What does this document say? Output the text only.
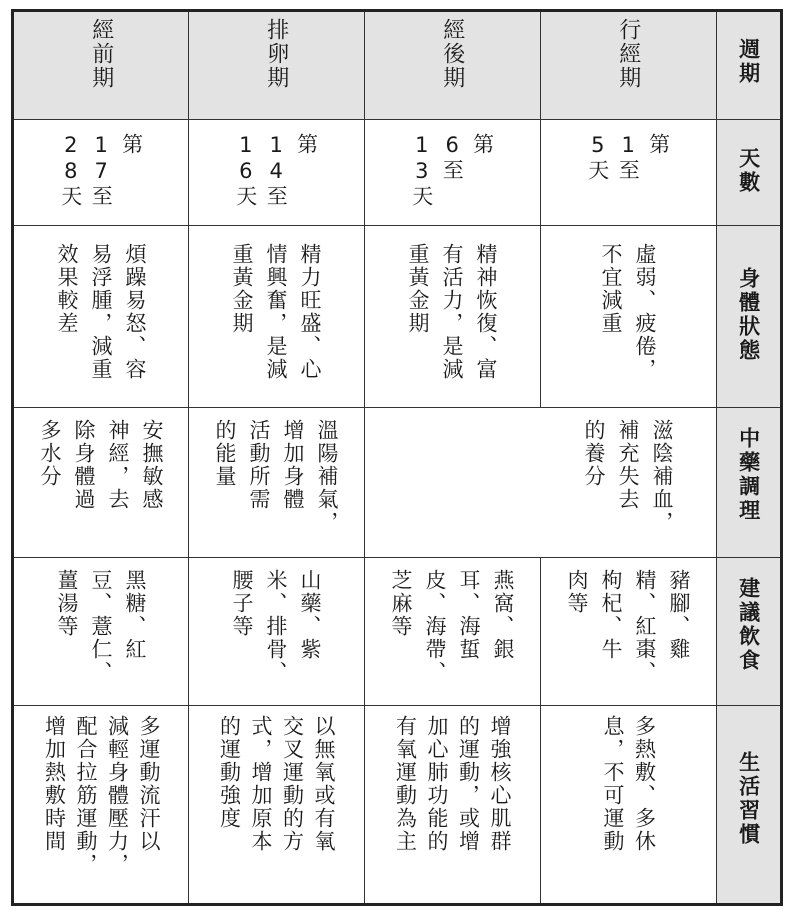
週期
天數
身體狀態
中藥調理
建議飲食
生活習慣
行經期
經後期
排卵期
經前期
第
1至
5天
第
6至
13天
第
14至
16天
第
17至
28天
虛弱、疲倦，
不宜減重
精神恢復、富
有活力，是減
重黃金期
精力旺盛、心
情興奮，是減
重黃金期
煩躁易怒、容
易浮腫，減重
效果較差
滋陰補血，
補充失去
的養分
溫陽補氣，
增加身體
活動所需
的能量
安撫敏感
神經，去
除身體過
多水分
豬腳、雞
精、紅棗、
枸杞、牛
肉等
燕窩、銀
耳、海蜇
皮、海帶、
芝麻等
山藥、紫
米、排骨、
腰子等
黑糖、紅
豆、薏仁、
薑湯等
多熱敷、多休
息，不可運動
增強核心肌群
的運動，或增
加心肺功能的
有氧運動為主
以無氧或有氧
交叉運動的方
式，增加原本
的運動強度
多運動流汗以
減輕身體壓力，
配合拉筋運動，
增加熱敷時間
